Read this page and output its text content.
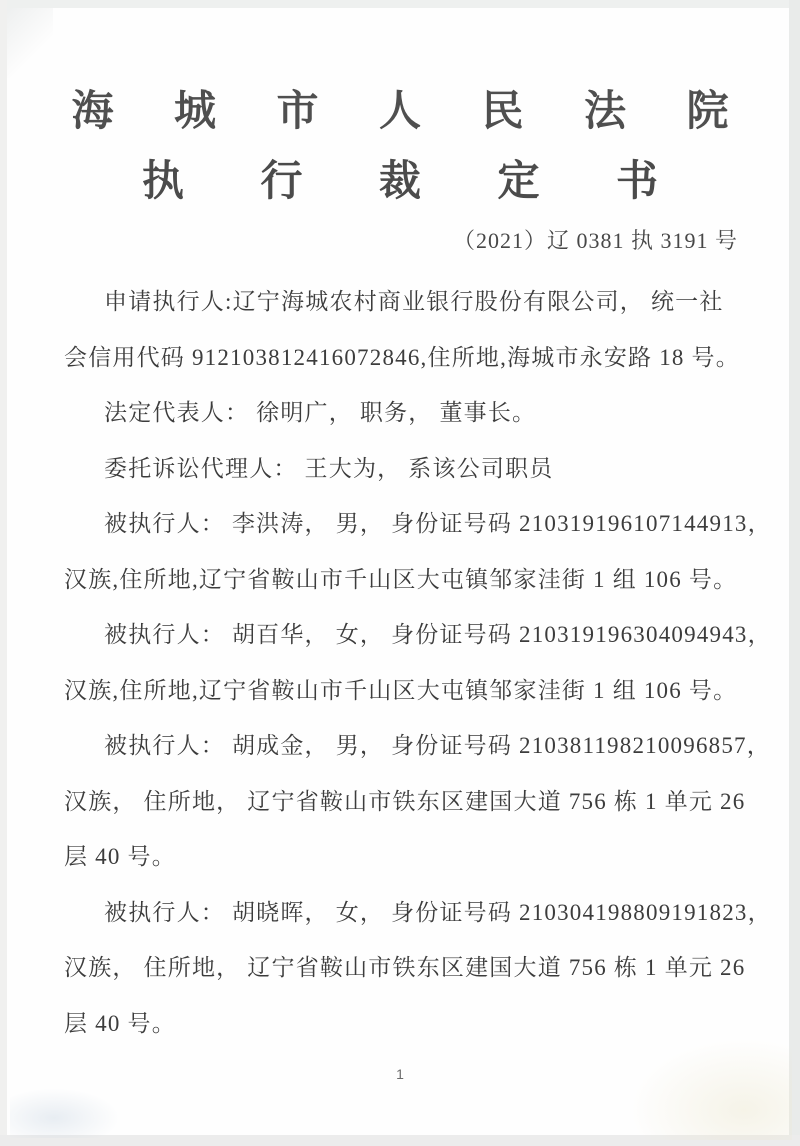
海 城 市 人 民 法 院
执 行 裁 定 书
（2021）辽 0381 执 3191 号
申请执行人:辽宁海城农村商业银行股份有限公司， 统一社
会信用代码 912103812416072846,住所地,海城市永安路 18 号。
法定代表人： 徐明广， 职务， 董事长。
委托诉讼代理人： 王大为， 系该公司职员
被执行人： 李洪涛， 男， 身份证号码 210319196107144913，
汉族,住所地,辽宁省鞍山市千山区大屯镇邹家洼街 1 组 106 号。
被执行人： 胡百华， 女， 身份证号码 210319196304094943，
汉族,住所地,辽宁省鞍山市千山区大屯镇邹家洼街 1 组 106 号。
被执行人： 胡成金， 男， 身份证号码 210381198210096857，
汉族， 住所地， 辽宁省鞍山市铁东区建国大道 756 栋 1 单元 26
层 40 号。
被执行人： 胡晓晖， 女， 身份证号码 210304198809191823，
汉族， 住所地， 辽宁省鞍山市铁东区建国大道 756 栋 1 单元 26
层 40 号。
1
